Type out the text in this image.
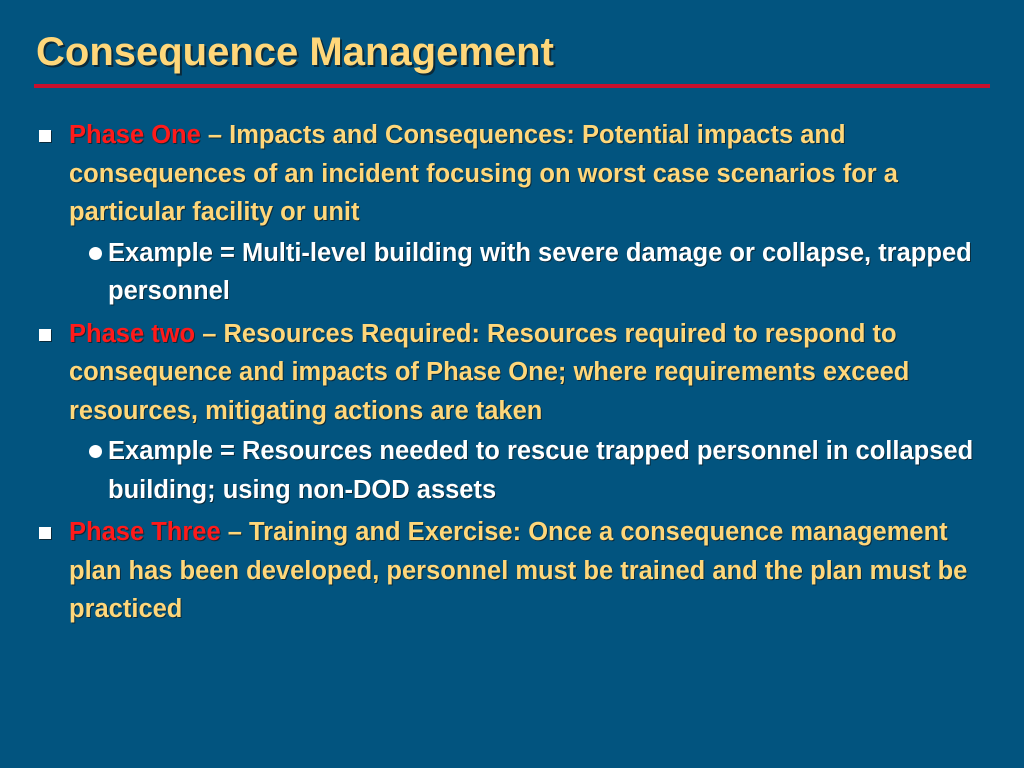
Consequence Management
Phase One – Impacts and Consequences: Potential impacts and consequences of an incident focusing on worst case scenarios for a particular facility or unit
Example = Multi-level building with severe damage or collapse, trapped personnel
Phase two – Resources Required: Resources required to respond to consequence and impacts of Phase One; where requirements exceed resources, mitigating actions are taken
Example = Resources needed to rescue trapped personnel in collapsed building; using non-DOD assets
Phase Three – Training and Exercise: Once a consequence management plan has been developed, personnel must be trained and the plan must be practiced
